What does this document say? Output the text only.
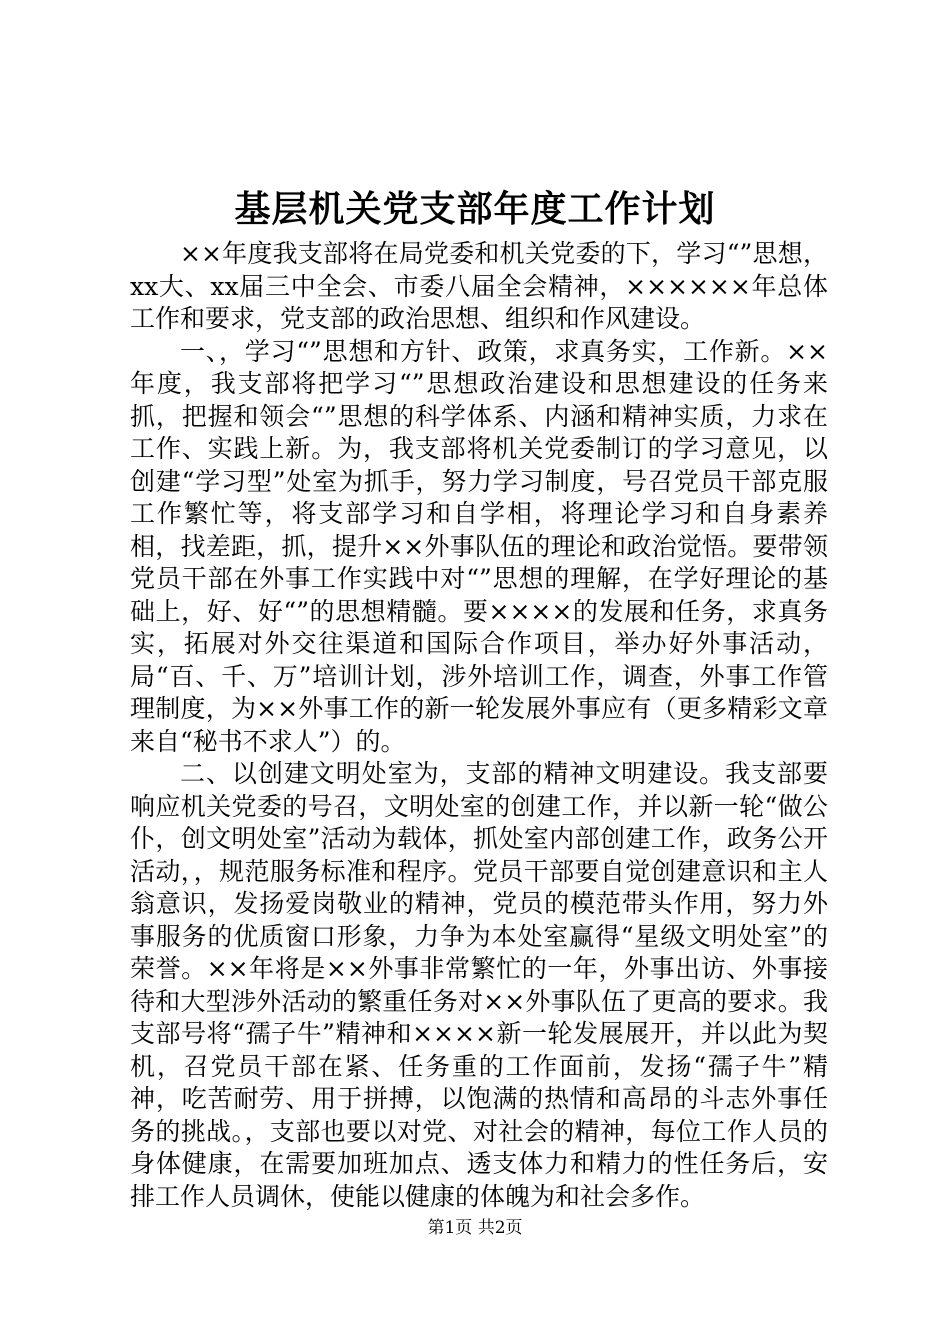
基层机关党支部年度工作计划

××年度我支部将在局党委和机关党委的下，学习“”思想，xx大、xx届三中全会、市委八届全会精神，××××××年总体工作和要求，党支部的政治思想、组织和作风建设。

一、，学习“”思想和方针、政策，求真务实，工作新。××年度，我支部将把学习“”思想政治建设和思想建设的任务来抓，把握和领会“”思想的科学体系、内涵和精神实质，力求在工作、实践上新。为，我支部将机关党委制订的学习意见，以创建“学习型”处室为抓手，努力学习制度，号召党员干部克服工作繁忙等，将支部学习和自学相，将理论学习和自身素养相，找差距，抓，提升××外事队伍的理论和政治觉悟。要带领党员干部在外事工作实践中对“”思想的理解，在学好理论的基础上，好、好“”的思想精髓。要××××的发展和任务，求真务实，拓展对外交往渠道和国际合作项目，举办好外事活动，局“百、千、万”培训计划，涉外培训工作，调查，外事工作管理制度，为××外事工作的新一轮发展外事应有（更多精彩文章来自“秘书不求人”）的。

二、以创建文明处室为，支部的精神文明建设。我支部要响应机关党委的号召，文明处室的创建工作，并以新一轮“做公仆，创文明处室”活动为载体，抓处室内部创建工作，政务公开活动，，规范服务标准和程序。党员干部要自觉创建意识和主人翁意识，发扬爱岗敬业的精神，党员的模范带头作用，努力外事服务的优质窗口形象，力争为本处室赢得“星级文明处室”的荣誉。××年将是××外事非常繁忙的一年，外事出访、外事接待和大型涉外活动的繁重任务对××外事队伍了更高的要求。我支部号将“孺子牛”精神和××××新一轮发展展开，并以此为契机，召党员干部在紧、任务重的工作面前，发扬“孺子牛”精神，吃苦耐劳、用于拼搏，以饱满的热情和高昂的斗志外事任务的挑战。，支部也要以对党、对社会的精神，每位工作人员的身体健康，在需要加班加点、透支体力和精力的性任务后，安排工作人员调休，使能以健康的体魄为和社会多作。

第1页 共2页
